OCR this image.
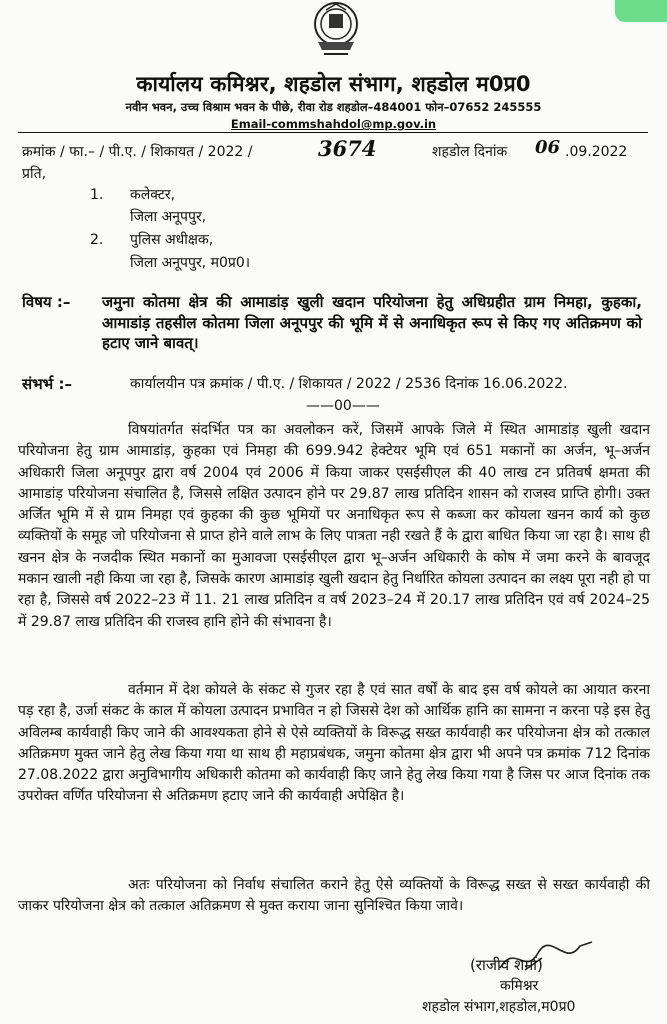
कार्यालय कमिश्नर, शहडोल संभाग, शहडोल म0प्र0
नवीन भवन, उच्च विश्राम भवन के पीछे, रीवा रोड शहडोल–484001 फोन–07652 245555
Email-commshahdol@mp.gov.in
क्रमांक / फा.– / पी.ए. / शिकायत / 2022 /	3674	शहडोल दिनांक 06 .09.2022
प्रति,
1. कलेक्टर,
जिला अनूपपुर,
2. पुलिस अधीक्षक,
जिला अनूपपुर, म0प्र0।
विषय :– जमुना कोतमा क्षेत्र की आमाडांड़ खुली खदान परियोजना हेतु अधिग्रहीत ग्राम निमहा, कुहका, आमाडांड़ तहसील कोतमा जिला अनूपपुर की भूमि में से अनाधिकृत रूप से किए गए अतिक्रमण को हटाए जाने बावत्।
संभर्भ :–	कार्यालयीन पत्र क्रमांक / पी.ए. / शिकायत / 2022 / 2536 दिनांक 16.06.2022.
——00——
विषयांतर्गत संदर्भित पत्र का अवलोकन करें, जिसमें आपके जिले में स्थित आमाडांड़ खुली खदान परियोजना हेतु ग्राम आमाडांड़, कुहका एवं निमहा की 699.942 हेक्टेयर भूमि एवं 651 मकानों का अर्जन, भू–अर्जन अधिकारी जिला अनूपपुर द्वारा वर्ष 2004 एवं 2006 में किया जाकर एसईसीएल की 40 लाख टन प्रतिवर्ष क्षमता की आमाडांड़ परियोजना संचालित है, जिससे लक्षित उत्पादन होने पर 29.87 लाख प्रतिदिन शासन को राजस्व प्राप्ति होगी। उक्त अर्जित भूमि में से ग्राम निमहा एवं कुहका की कुछ भूमियों पर अनाधिकृत रूप से कब्जा कर कोयला खनन कार्य को कुछ व्यक्तियों के समूह जो परियोजना से प्राप्त होने वाले लाभ के लिए पात्रता नही रखते हैं के द्वारा बाधित किया जा रहा है। साथ ही खनन क्षेत्र के नजदीक स्थित मकानों का मुआवजा एसईसीएल द्वारा भू–अर्जन अधिकारी के कोष में जमा करने के बावजूद मकान खाली नही किया जा रहा है, जिसके कारण आमाडांड़ खुली खदान हेतु निर्धारित कोयला उत्पादन का लक्ष्य पूरा नही हो पा रहा है, जिससे वर्ष 2022–23 में 11. 21 लाख प्रतिदिन व वर्ष 2023–24 में 20.17 लाख प्रतिदिन एवं वर्ष 2024–25 में 29.87 लाख प्रतिदिन की राजस्व हानि होने की संभावना है।
वर्तमान में देश कोयले के संकट से गुजर रहा है एवं सात वर्षों के बाद इस वर्ष कोयले का आयात करना पड़ रहा है, उर्जा संकट के काल में कोयला उत्पादन प्रभावित न हो जिससे देश को आर्थिक हानि का सामना न करना पड़े इस हेतु अविलम्ब कार्यवाही किए जाने की आवश्यकता होने से ऐसे व्यक्तियों के विरूद्ध सख्त कार्यवाही कर परियोजना क्षेत्र को तत्काल अतिक्रमण मुक्त जाने हेतु लेख किया गया था साथ ही महाप्रबंधक, जमुना कोतमा क्षेत्र द्वारा भी अपने पत्र क्रमांक 712 दिनांक 27.08.2022 द्वारा अनुविभागीय अधिकारी कोतमा को कार्यवाही किए जाने हेतु लेख किया गया है जिस पर आज दिनांक तक उपरोक्त वर्णित परियोजना से अतिक्रमण हटाए जाने की कार्यवाही अपेक्षित है।
अतः परियोजना को निर्वाध संचालित कराने हेतु ऐसे व्यक्तियों के विरूद्ध सख्त से सख्त कार्यवाही की जाकर परियोजना क्षेत्र को तत्काल अतिक्रमण से मुक्त कराया जाना सुनिश्चित किया जावे।
(राजीव शर्मा)
कमिश्नर
शहडोल संभाग,शहडोल,म0प्र0
